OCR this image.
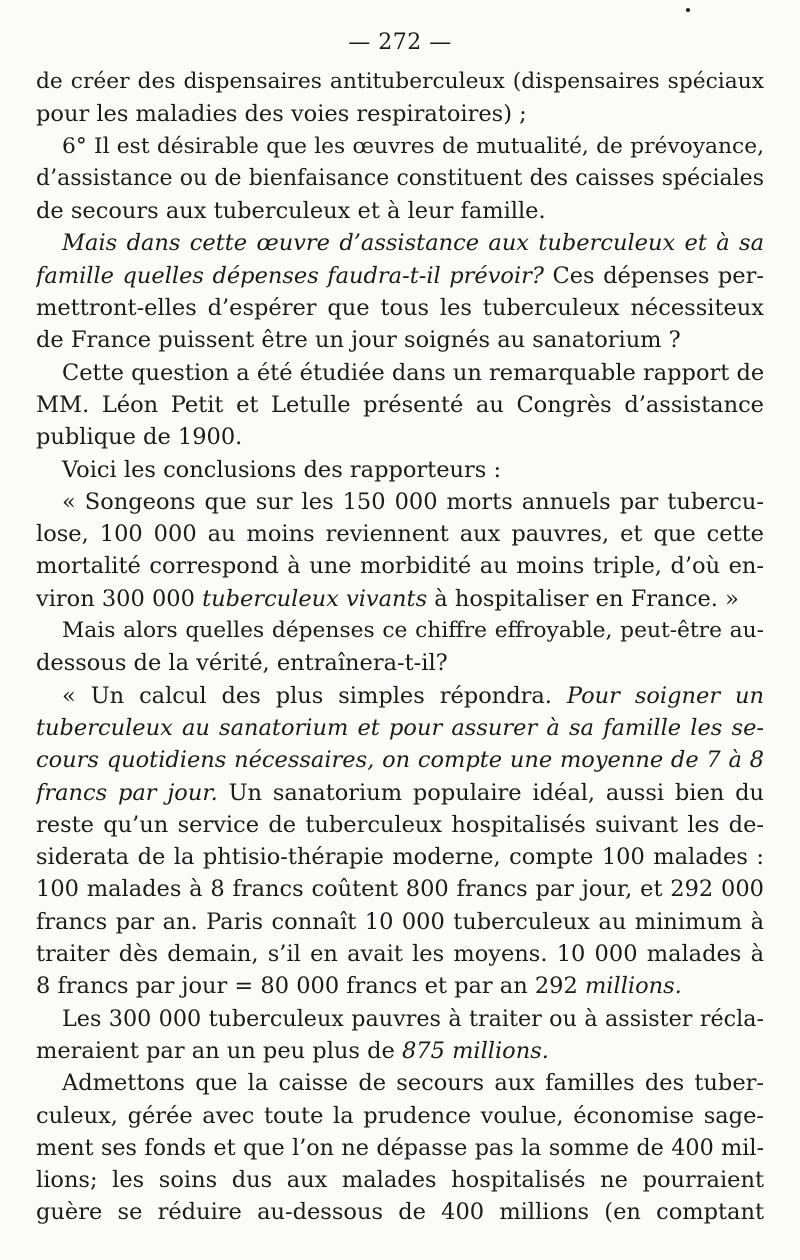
— 272 —
de créer des dispensaires antituberculeux (dispensaires spéciaux
pour les maladies des voies respiratoires) ;
6° Il est désirable que les œuvres de mutualité, de prévoyance,
d’assistance ou de bienfaisance constituent des caisses spéciales
de secours aux tuberculeux et à leur famille.
Mais dans cette œuvre d’assistance aux tuberculeux et à sa
famille quelles dépenses faudra-t-il prévoir? Ces dépenses per-
mettront-elles d’espérer que tous les tuberculeux nécessiteux
de France puissent être un jour soignés au sanatorium ?
Cette question a été étudiée dans un remarquable rapport de
MM. Léon Petit et Letulle présenté au Congrès d’assistance
publique de 1900.
Voici les conclusions des rapporteurs :
« Songeons que sur les 150 000 morts annuels par tubercu-
lose, 100 000 au moins reviennent aux pauvres, et que cette
mortalité correspond à une morbidité au moins triple, d’où en-
viron 300 000 tuberculeux vivants à hospitaliser en France. »
Mais alors quelles dépenses ce chiffre effroyable, peut-être au-
dessous de la vérité, entraînera-t-il?
« Un calcul des plus simples répondra. Pour soigner un
tuberculeux au sanatorium et pour assurer à sa famille les se-
cours quotidiens nécessaires, on compte une moyenne de 7 à 8
francs par jour. Un sanatorium populaire idéal, aussi bien du
reste qu’un service de tuberculeux hospitalisés suivant les de-
siderata de la phtisio-thérapie moderne, compte 100 malades :
100 malades à 8 francs coûtent 800 francs par jour, et 292 000
francs par an. Paris connaît 10 000 tuberculeux au minimum à
traiter dès demain, s’il en avait les moyens. 10 000 malades à
8 francs par jour = 80 000 francs et par an 292 millions.
Les 300 000 tuberculeux pauvres à traiter ou à assister récla-
meraient par an un peu plus de 875 millions.
Admettons que la caisse de secours aux familles des tuber-
culeux, gérée avec toute la prudence voulue, économise sage-
ment ses fonds et que l’on ne dépasse pas la somme de 400 mil-
lions; les soins dus aux malades hospitalisés ne pourraient
guère se réduire au-dessous de 400 millions (en comptant
